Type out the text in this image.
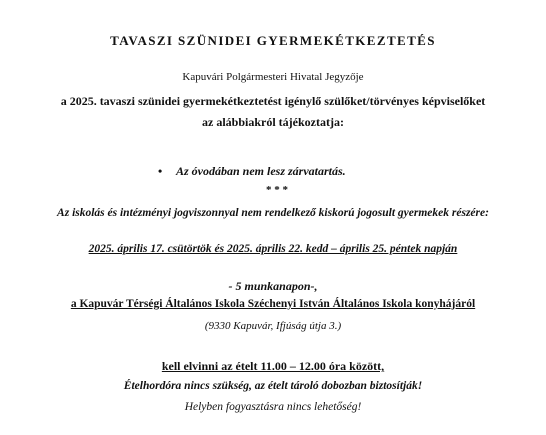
TAVASZI SZÜNIDEI GYERMEKÉTKEZTETÉS
Kapuvári Polgármesteri Hivatal Jegyzője
a 2025. tavaszi szünidei gyermekétkeztetést igénylő szülőket/törvényes képviselőket
az alábbiakról tájékoztatja:
• Az óvodában nem lesz zárvatartás.
* * *
Az iskolás és intézményi jogviszonnyal nem rendelkező kiskorú jogosult gyermekek részére:
2025. április 17. csütörtök és 2025. április 22. kedd – április 25. péntek napján
- 5 munkanapon-,
a Kapuvár Térségi Általános Iskola Széchenyi István Általános Iskola konyhájáról
(9330 Kapuvár, Ifjúság útja 3.)
kell elvinni az ételt 11.00 – 12.00 óra között,
Ételhordóra nincs szükség, az ételt tároló dobozban biztosítják!
Helyben fogyasztásra nincs lehetőség!
